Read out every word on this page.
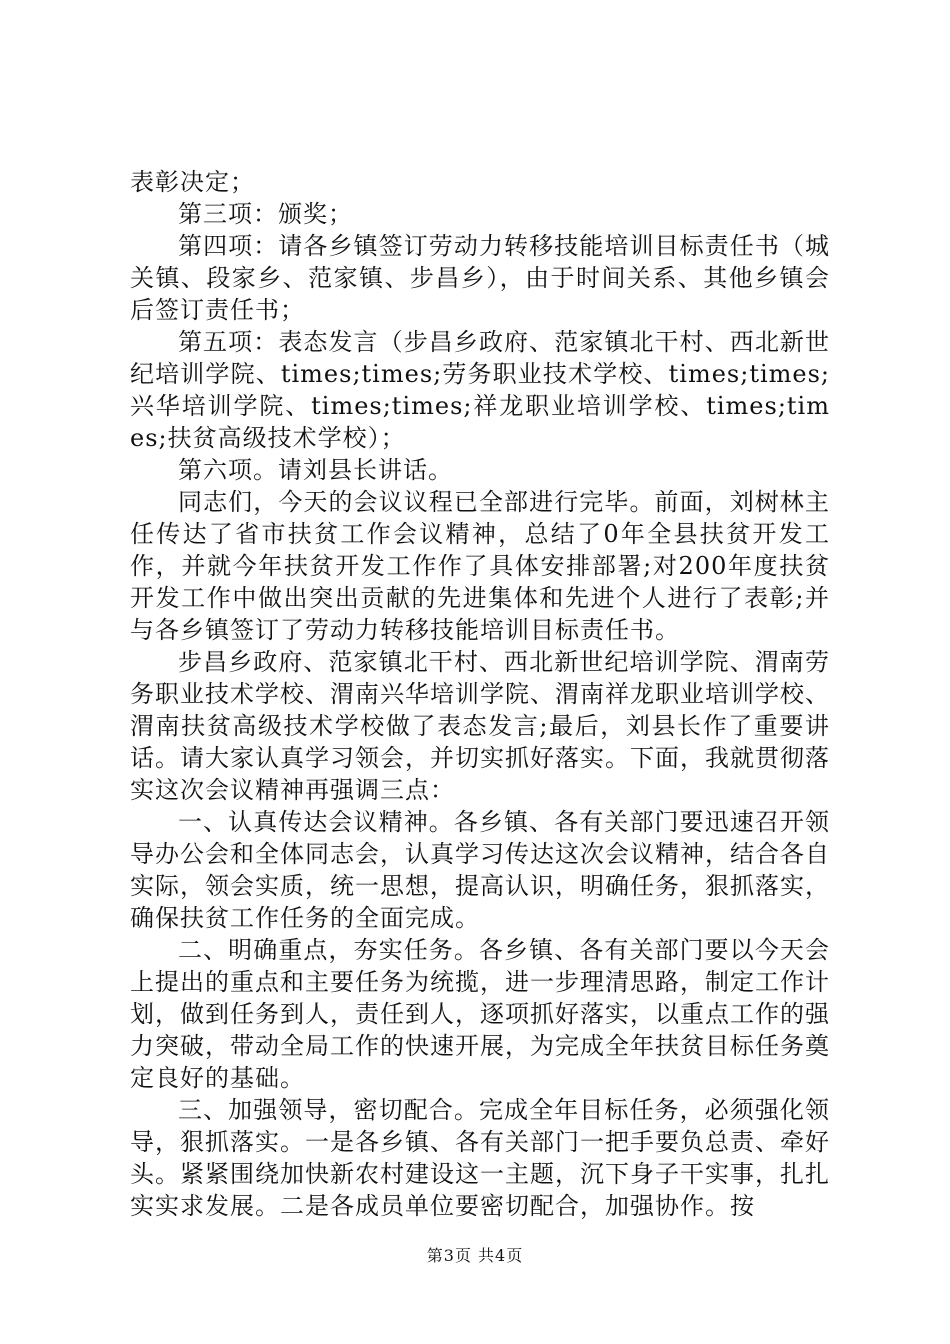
表彰决定；

第三项：颁奖；

第四项：请各乡镇签订劳动力转移技能培训目标责任书（城关镇、段家乡、范家镇、步昌乡），由于时间关系、其他乡镇会后签订责任书；

第五项：表态发言（步昌乡政府、范家镇北干村、西北新世纪培训学院、times;times;劳务职业技术学校、times;times;兴华培训学院、times;times;祥龙职业培训学校、times;times;扶贫高级技术学校）；

第六项。请刘县长讲话。

同志们，今天的会议议程已全部进行完毕。前面，刘树林主任传达了省市扶贫工作会议精神，总结了0年全县扶贫开发工作，并就今年扶贫开发工作作了具体安排部署;对200年度扶贫开发工作中做出突出贡献的先进集体和先进个人进行了表彰;并与各乡镇签订了劳动力转移技能培训目标责任书。

步昌乡政府、范家镇北干村、西北新世纪培训学院、渭南劳务职业技术学校、渭南兴华培训学院、渭南祥龙职业培训学校、渭南扶贫高级技术学校做了表态发言;最后，刘县长作了重要讲话。请大家认真学习领会，并切实抓好落实。下面，我就贯彻落实这次会议精神再强调三点：

一、认真传达会议精神。各乡镇、各有关部门要迅速召开领导办公会和全体同志会，认真学习传达这次会议精神，结合各自实际，领会实质，统一思想，提高认识，明确任务，狠抓落实，确保扶贫工作任务的全面完成。

二、明确重点，夯实任务。各乡镇、各有关部门要以今天会上提出的重点和主要任务为统揽，进一步理清思路，制定工作计划，做到任务到人，责任到人，逐项抓好落实，以重点工作的强力突破，带动全局工作的快速开展，为完成全年扶贫目标任务奠定良好的基础。

三、加强领导，密切配合。完成全年目标任务，必须强化领导，狠抓落实。一是各乡镇、各有关部门一把手要负总责、牵好头。紧紧围绕加快新农村建设这一主题，沉下身子干实事，扎扎实实求发展。二是各成员单位要密切配合，加强协作。按

第3页 共4页
